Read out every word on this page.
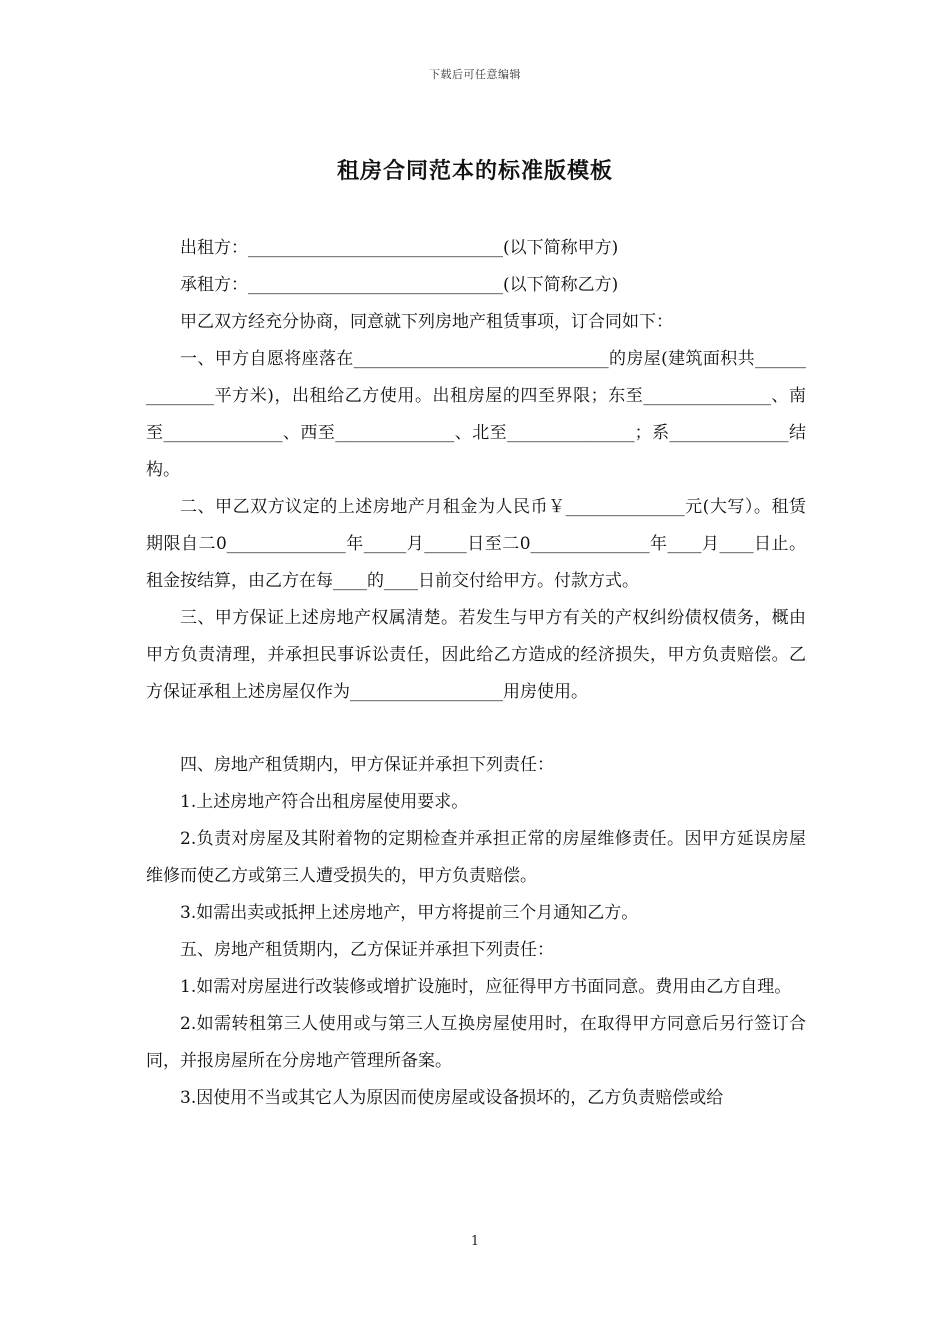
下载后可任意编辑
租房合同范本的标准版模板

出租方：______________________________(以下简称甲方)

承租方：______________________________(以下简称乙方)

甲乙双方经充分协商，同意就下列房地产租赁事项，订合同如下：

一、甲方自愿将座落在______________________________的房屋(建筑面积共______________平方米)，出租给乙方使用。出租房屋的四至界限；东至_______________、南至______________、西至______________、北至_______________；系______________结构。

二、甲乙双方议定的上述房地产月租金为人民币￥______________元(大写）。租赁期限自二0______________年_____月_____日至二0______________年____月____日止。租金按结算，由乙方在每____的____日前交付给甲方。付款方式。

三、甲方保证上述房地产权属清楚。若发生与甲方有关的产权纠纷债权债务，概由甲方负责清理，并承担民事诉讼责任，因此给乙方造成的经济损失，甲方负责赔偿。乙方保证承租上述房屋仅作为__________________用房使用。

四、房地产租赁期内，甲方保证并承担下列责任：

1.上述房地产符合出租房屋使用要求。

2.负责对房屋及其附着物的定期检查并承担正常的房屋维修责任。因甲方延误房屋维修而使乙方或第三人遭受损失的，甲方负责赔偿。

3.如需出卖或抵押上述房地产，甲方将提前三个月通知乙方。

五、房地产租赁期内，乙方保证并承担下列责任：

1.如需对房屋进行改装修或增扩设施时，应征得甲方书面同意。费用由乙方自理。

2.如需转租第三人使用或与第三人互换房屋使用时，在取得甲方同意后另行签订合同，并报房屋所在分房地产管理所备案。

3.因使用不当或其它人为原因而使房屋或设备损坏的，乙方负责赔偿或给

1
